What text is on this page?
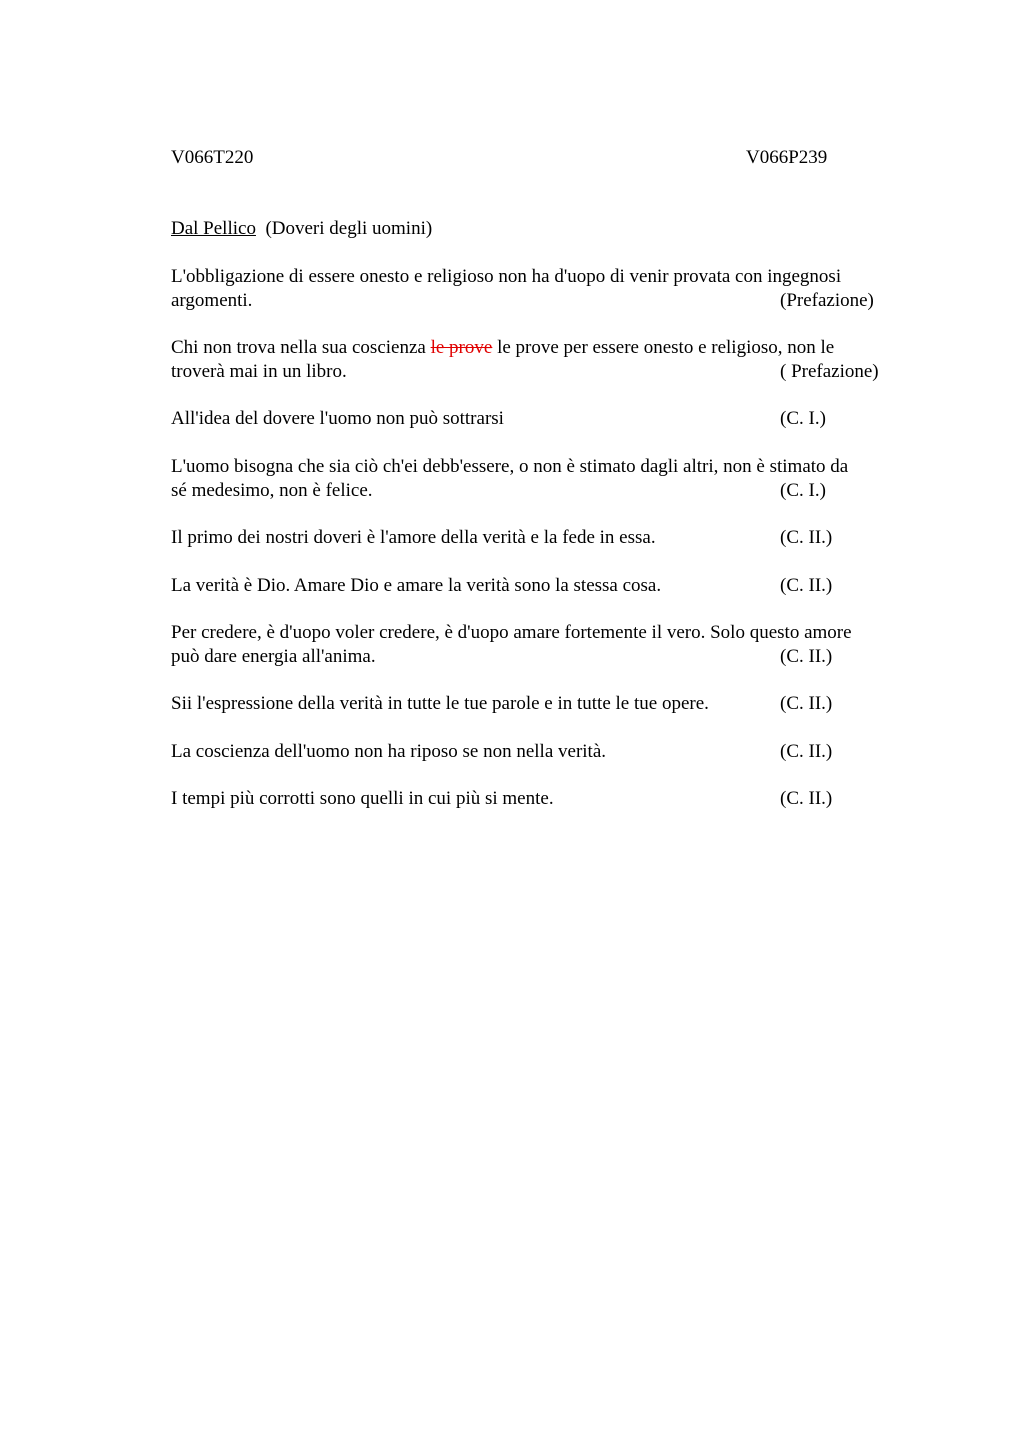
V066T220	V066P239
Dal Pellico (Doveri degli uomini)
L'obbligazione di essere onesto e religioso non ha d'uopo di venir provata con ingegnosi
argomenti.	(Prefazione)
Chi non trova nella sua coscienza le prove le prove per essere onesto e religioso, non le
troverà mai in un libro.	( Prefazione)
All'idea del dovere l'uomo non può sottrarsi	(C. I.)
L'uomo bisogna che sia ciò ch'ei debb'essere, o non è stimato dagli altri, non è stimato da
sé medesimo, non è felice.	(C. I.)
Il primo dei nostri doveri è l'amore della verità e la fede in essa.	(C. II.)
La verità è Dio. Amare Dio e amare la verità sono la stessa cosa.	(C. II.)
Per credere, è d'uopo voler credere, è d'uopo amare fortemente il vero. Solo questo amore
può dare energia all'anima.	(C. II.)
Sii l'espressione della verità in tutte le tue parole e in tutte le tue opere.	(C. II.)
La coscienza dell'uomo non ha riposo se non nella verità.	(C. II.)
I tempi più corrotti sono quelli in cui più si mente.	(C. II.)
